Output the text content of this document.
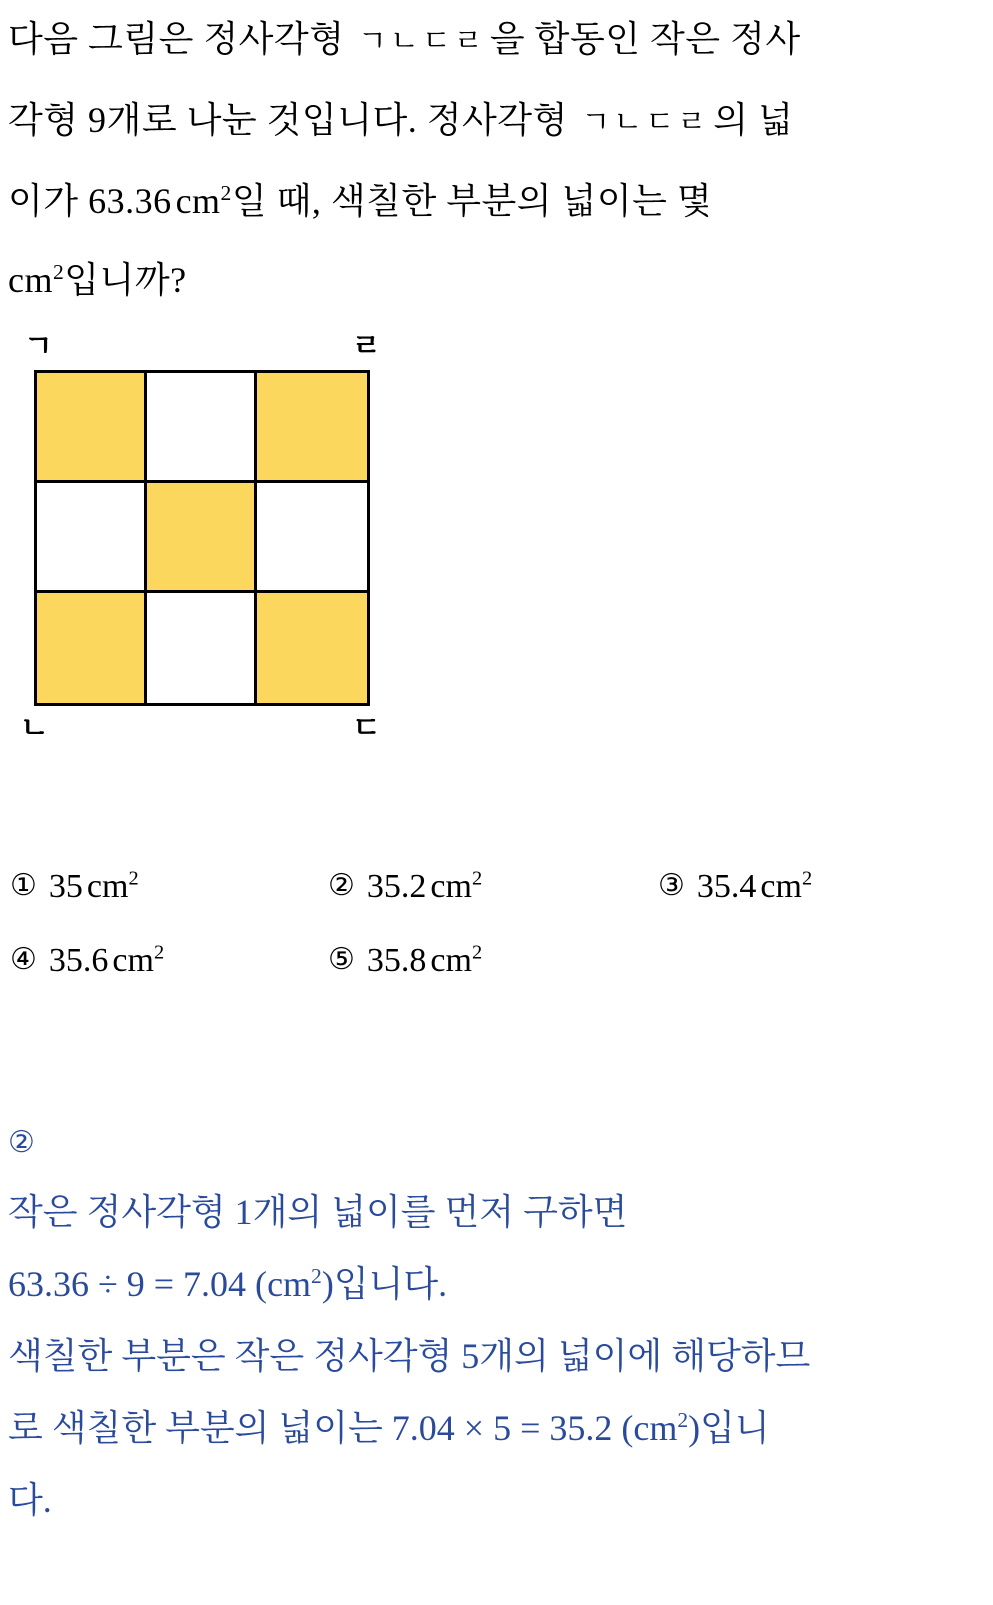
다음 그림은 정사각형 ㄱㄴㄷㄹ 을 합동인 작은 정사
각형 9개로 나눈 것입니다. 정사각형 ㄱㄴㄷㄹ 의 넓
이가 63.36 $cm^2$일 때, 색칠한 부분의 넓이는 몇
$cm^2$입니까?
ㄱ	ㄹ
ㄴ	ㄷ
① 35 $cm^2$	② 35.2 $cm^2$	③ 35.4 $cm^2$
④ 35.6 $cm^2$	⑤ 35.8 $cm^2$
②
작은 정사각형 1개의 넓이를 먼저 구하면
63.36 ÷ 9 = 7.04 $(cm^2)$입니다.
색칠한 부분은 작은 정사각형 5개의 넓이에 해당하므
로 색칠한 부분의 넓이는 7.04 × 5 = 35.2 $(cm^2)$입니
다.
